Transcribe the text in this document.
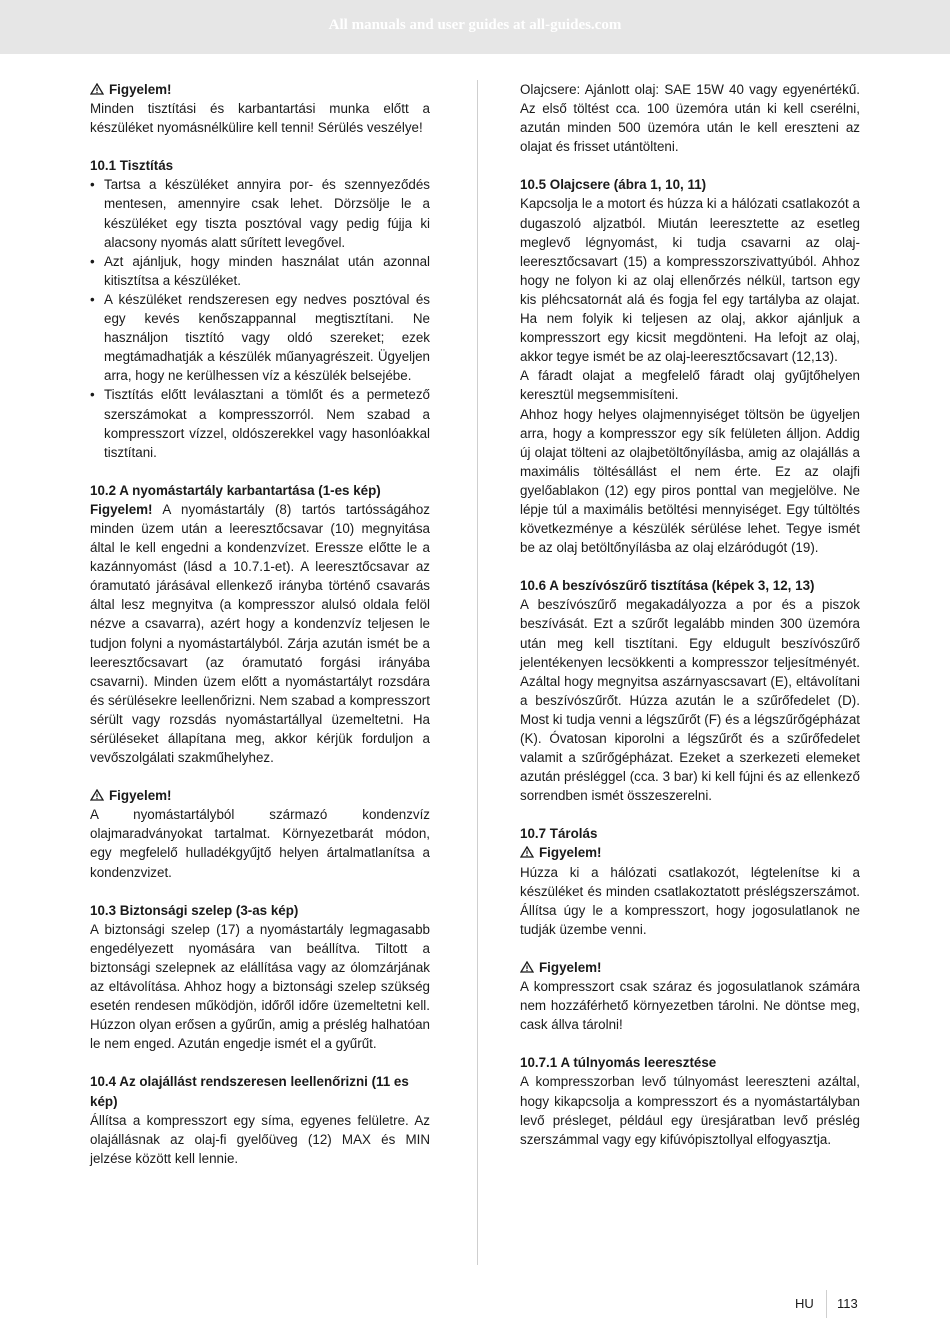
All manuals and user guides at all-guides.com

Figyelem!

Minden tisztítási és karbantartási munka előtt a készüléket nyomásnélkülire kell tenni! Sérülés veszélye!

10.1 Tisztítás

• Tartsa a készüléket annyira por- és szennyeződés mentesen, amennyire csak lehet. Dörzsölje le a készüléket egy tiszta posztóval vagy pedig fújja ki alacsony nyomás alatt sűrített levegővel.
• Azt ajánljuk, hogy minden használat után azonnal kitisztítsa a készüléket.
• A készüléket rendszeresen egy nedves posztóval és egy kevés kenőszappannal megtisztítani. Ne használjon tisztító vagy oldó szereket; ezek megtámadhatják a készülék műanyagrészeit. Ügyeljen arra, hogy ne kerülhessen víz a készülék belsejébe.
• Tisztítás előtt leválasztani a tömlőt és a permetező szerszámokat a kompresszorról. Nem szabad a kompresszort vízzel, oldószerekkel vagy hasonlóakkal tisztítani.

10.2 A nyomástartály karbantartása (1-es kép)

Figyelem! A nyomástartály (8) tartós tartósságához minden üzem után a leeresztőcsavar (10) megnyitása által le kell engedni a kondenzvízet. Eressze előtte le a kazánnyomást (lásd a 10.7.1-et). A leeresztőcsavar az óramutató járásával ellenkező irányba történő csavarás által lesz megnyitva (a kompresszor alulsó oldala felöl nézve a csavarra), azért hogy a kondenzvíz teljesen le tudjon folyni a nyomástartályból. Zárja azután ismét be a leeresztőcsavart (az óramutató forgási irányába csavarni). Minden üzem előtt a nyomástartályt rozsdára és sérülésekre leellenőrizni. Nem szabad a kompresszort sérült vagy rozsdás nyomástartállyal üzemeltetni. Ha sérüléseket állapítana meg, akkor kérjük forduljon a vevőszolgálati szakműhelyhez.

Figyelem!

A nyomástartályból származó kondenzvíz olajmaradványokat tartalmat. Környezetbarát módon, egy megfelelő hulladékgyűjtő helyen ártalmatlanítsa a kondenzvizet.

10.3 Biztonsági szelep (3-as kép)

A biztonsági szelep (17) a nyomástartály legmagasabb engedélyezett nyomására van beállítva. Tiltott a biztonsági szelepnek az elállítása vagy az ólomzárjának az eltávolítása. Ahhoz hogy a biztonsági szelep szükség esetén rendesen működjön, időről időre üzemeltetni kell. Húzzon olyan erősen a gyűrűn, amig a préslég halhatóan le nem enged. Azután engedje ismét el a gyűrűt.

10.4 Az olajállást rendszeresen leellenőrizni (11 es kép)

Állítsa a kompresszort egy síma, egyenes felületre. Az olajállásnak az olaj-fi gyelőüveg (12) MAX és MIN jelzése között kell lennie.

Olajcsere: Ajánlott olaj: SAE 15W 40 vagy egyenértékű. Az első töltést cca. 100 üzemóra után ki kell cserélni, azután minden 500 üzemóra után le kell ereszteni az olajat és frisset utántölteni.

10.5 Olajcsere (ábra 1, 10, 11)

Kapcsolja le a motort és húzza ki a hálózati csatlakozót a dugaszoló aljzatból. Miután leeresztette az esetleg meglevő légnyomást, ki tudja csavarni az olaj-leeresztőcsavart (15) a kompresszorszivattyúból. Ahhoz hogy ne folyon ki az olaj ellenőrzés nélkül, tartson egy kis pléhcsatornát alá és fogja fel egy tartályba az olajat. Ha nem folyik ki teljesen az olaj, akkor ajánljuk a kompresszort egy kicsit megdönteni. Ha lefojt az olaj, akkor tegye ismét be az olaj-leeresztőcsavart (12,13).

A fáradt olajat a megfelelő fáradt olaj gyűjtőhelyen keresztül megsemmisíteni.

Ahhoz hogy helyes olajmennyiséget töltsön be ügyeljen arra, hogy a kompresszor egy sík felületen álljon. Addig új olajat tölteni az olajbetöltőnyílásba, amig az olajállás a maximális töltésállást el nem érte. Ez az olajfi gyelőablakon (12) egy piros ponttal van megjelölve. Ne lépje túl a maximális betöltési mennyiséget. Egy túltöltés következménye a készülék sérülése lehet. Tegye ismét be az olaj betöltőnyílásba az olaj elzáródugót (19).

10.6 A beszívószűrő tisztítása (képek 3, 12, 13)

A beszívószűrő megakadályozza a por és a piszok beszívását. Ezt a szűrőt legalább minden 300 üzemóra után meg kell tisztítani. Egy eldugult beszívószűrő jelentékenyen lecsökkenti a kompresszor teljesítményét. Azáltal hogy megnyitsa aszárnyascsavart (E), eltávolítani a beszívószűrőt. Húzza azután le a szűrőfedelet (D). Most ki tudja venni a légszűrőt (F) és a légszűrőgépházat (K). Óvatosan kiporolni a légszűrőt és a szűrőfedelet valamit a szűrőgépházat. Ezeket a szerkezeti elemeket azután présléggel (cca. 3 bar) ki kell fújni és az ellenkező sorrendben ismét összeszerelni.

10.7 Tárolás

Figyelem!

Húzza ki a hálózati csatlakozót, légtelenítse ki a készüléket és minden csatlakoztatott préslégszerszámot. Állítsa úgy le a kompresszort, hogy jogosulatlanok ne tudják üzembe venni.

Figyelem!

A kompresszort csak száraz és jogosulatlanok számára nem hozzáférhető környezetben tárolni. Ne döntse meg, cask állva tárolni!

10.7.1 A túlnyomás leeresztése

A kompresszorban levő túlnyomást leereszteni azáltal, hogy kikapcsolja a kompresszort és a nyomástartályban levő présleget, például egy üresjáratban levő préslég szerszámmal vagy egy kifúvópisztollyal elfogyasztja.

HU 113
